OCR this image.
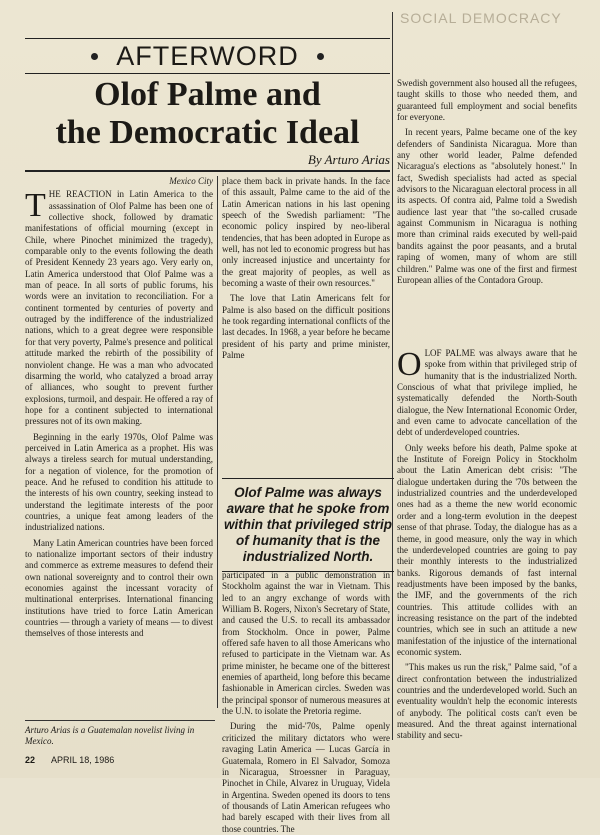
SOCIAL DEMOCRACY
AFTERWORD
Olof Palme and
the Democratic Ideal
By Arturo Arias
Mexico City

THE REACTION in Latin America to the assassination of Olof Palme has been one of collective shock, followed by dramatic manifestations of official mourning (except in Chile, where Pinochet minimized the tragedy), comparable only to the events following the death of President Kennedy 23 years ago. Very early on, Latin America understood that Olof Palme was a man of peace. In all sorts of public forums, his words were an invitation to reconciliation. For a continent tormented by centuries of poverty and outraged by the indifference of the industrialized nations, which to a great degree were responsible for that very poverty, Palme's presence and political attitude marked the rebirth of the possibility of nonviolent change. He was a man who advocated disarming the world, who catalyzed a broad array of alliances, who sought to prevent further explosions, turmoil, and despair. He offered a ray of hope for a continent subjected to international pressures not of its own making.

Beginning in the early 1970s, Olof Palme was perceived in Latin America as a prophet. His was always a tireless search for mutual understanding, for a negation of violence, for the promotion of peace. And he refused to condition his attitude to the interests of his own country, seeking instead to understand the legitimate interests of the poor countries, a unique feat among leaders of the industrialized nations.

Many Latin American countries have been forced to nationalize important sectors of their industry and commerce as extreme measures to defend their own national sovereignty and to control their own economies against the incessant voracity of multinational enterprises. International financing institutions have tried to force Latin American countries — through a variety of means — to divest themselves of those interests and

place them back in private hands. In the face of this assault, Palme came to the aid of the Latin American nations in his last opening speech of the Swedish parliament: "The economic policy inspired by neo-liberal tendencies, that has been adopted in Europe as well, has not led to economic progress but has only increased injustice and uncertainty for the great majority of peoples, as well as becoming a waste of their own resources."

The love that Latin Americans felt for Palme is also based on the difficult positions he took regarding international conflicts of the last decades. In 1968, a year before he became president of his party and prime minister, Palme

Olof Palme was always aware that he spoke from within that privileged strip of humanity that is the industrialized North.

participated in a public demonstration in Stockholm against the war in Vietnam. This led to an angry exchange of words with William B. Rogers, Nixon's Secretary of State, and caused the U.S. to recall its ambassador from Stockholm. Once in power, Palme offered safe haven to all those Americans who refused to participate in the Vietnam war. As prime minister, he became one of the bitterest enemies of apartheid, long before this became fashionable in American circles. Sweden was the principal sponsor of numerous measures at the U.N. to isolate the Pretoria regime.

During the mid-'70s, Palme openly criticized the military dictators who were ravaging Latin America — Lucas García in Guatemala, Romero in El Salvador, Somoza in Nicaragua, Stroessner in Paraguay, Pinochet in Chile, Alvarez in Uruguay, Videla in Argentina. Sweden opened its doors to tens of thousands of Latin American refugees who had barely escaped with their lives from all those countries. The

Swedish government also housed all the refugees, taught skills to those who needed them, and guaranteed full employment and social benefits for everyone.

In recent years, Palme became one of the key defenders of Sandinista Nicaragua. More than any other world leader, Palme defended Nicaragua's elections as "absolutely honest." In fact, Swedish specialists had acted as special advisors to the Nicaraguan electoral process in all its aspects. Of contra aid, Palme told a Swedish audience last year that "the so-called crusade against Communism in Nicaragua is nothing more than criminal raids executed by well-paid bandits against the poor peasants, and a brutal raping of women, many of whom are still children." Palme was one of the first and firmest European allies of the Contadora Group.

OLOF PALME was always aware that he spoke from within that privileged strip of humanity that is the industrialized North. Conscious of what that privilege implied, he systematically defended the North-South dialogue, the New International Economic Order, and even came to advocate cancellation of the debt of underdeveloped countries.

Only weeks before his death, Palme spoke at the Institute of Foreign Policy in Stockholm about the Latin American debt crisis: "The dialogue undertaken during the '70s between the industrialized countries and the underdeveloped ones had as a theme the new world economic order and a long-term evolution in the deepest sense of that phrase. Today, the dialogue has as a theme, in good measure, only the way in which the underdeveloped countries are going to pay their monthly interests to the industrialized banks. Rigorous demands of fast internal readjustments have been imposed by the banks, the IMF, and the governments of the rich countries. This attitude collides with an increasing resistance on the part of the indebted countries, which see in such an attitude a new manifestation of the injustice of the international economic system.

"This makes us run the risk," Palme said, "of a direct confrontation between the industrialized countries and the underdeveloped world. Such an eventuality wouldn't help the economic interests of anybody. The political costs can't even be measured. And the threat against international stability and secu-

Arturo Arias is a Guatemalan novelist living in Mexico.
22 APRIL 18, 1986
